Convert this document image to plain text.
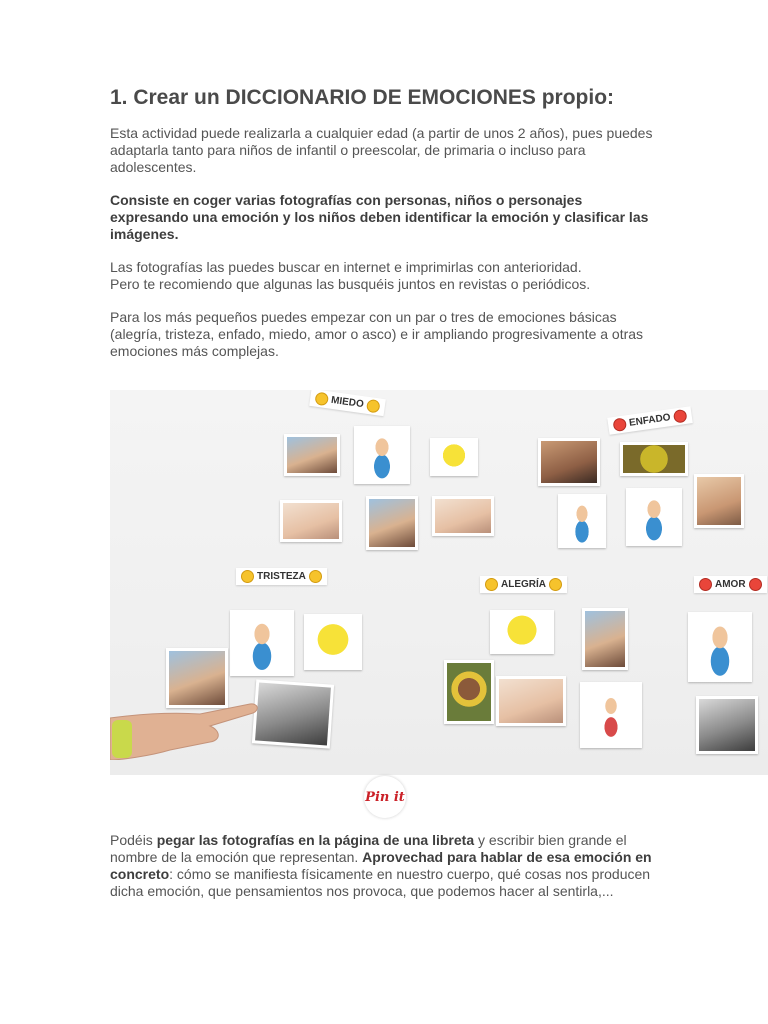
1. Crear un DICCIONARIO DE EMOCIONES propio:

Esta actividad puede realizarla a cualquier edad (a partir de unos 2 años), pues puedes adaptarla tanto para niños de infantil o preescolar, de primaria o incluso para adolescentes.

Consiste en coger varias fotografías con personas, niños o personajes expresando una emoción y los niños deben identificar la emoción y clasificar las imágenes.

Las fotografías las puedes buscar en internet e imprimirlas con anterioridad.

Pero te recomiendo que algunas las busquéis juntos en revistas o periódicos.

Para los más pequeños puedes empezar con un par o tres de emociones básicas

(alegría, tristeza, enfado, miedo, amor o asco) e ir ampliando progresivamente a otras emociones más complejas.

MIEDO
ENFADO
TRISTEZA
ALEGRÍA	AMOR
Pin it

Podéis pegar las fotografías en la página de una libreta y escribir bien grande el nombre de la emoción que representan. Aprovechad para hablar de esa emoción en concreto: cómo se manifiesta físicamente en nuestro cuerpo, qué cosas nos producen dicha emoción, que pensamientos nos provoca, que podemos hacer al sentirla,...
